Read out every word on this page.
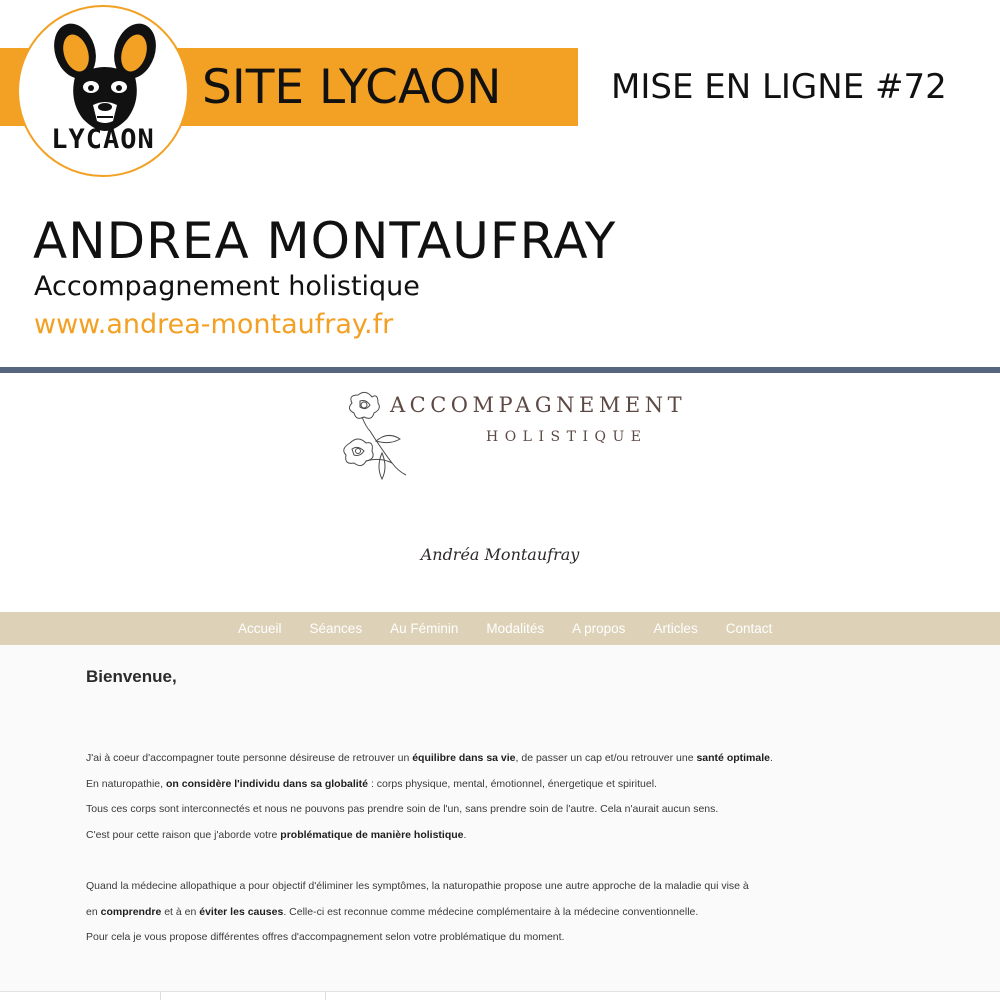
SITE LYCAON	MISE EN LIGNE #72
LYCAON
ANDREA MONTAUFRAY
Accompagnement holistique
www.andrea-montaufray.fr
ACCOMPAGNEMENT
HOLISTIQUE
Andréa Montaufray
Accueil	Séances	Au Féminin	Modalités	A propos	Articles	Contact
Bienvenue,
J'ai à coeur d'accompagner toute personne désireuse de retrouver un équilibre dans sa vie, de passer un cap et/ou retrouver une santé optimale.
En naturopathie, on considère l'individu dans sa globalité : corps physique, mental, émotionnel, énergetique et spirituel.
Tous ces corps sont interconnectés et nous ne pouvons pas prendre soin de l'un, sans prendre soin de l'autre. Cela n'aurait aucun sens.
C'est pour cette raison que j'aborde votre problématique de manière holistique.
Quand la médecine allopathique a pour objectif d'éliminer les symptômes, la naturopathie propose une autre approche de la maladie qui vise à
en comprendre et à en éviter les causes. Celle-ci est reconnue comme médecine complémentaire à la médecine conventionnelle.
Pour cela je vous propose différentes offres d'accompagnement selon votre problématique du moment.
